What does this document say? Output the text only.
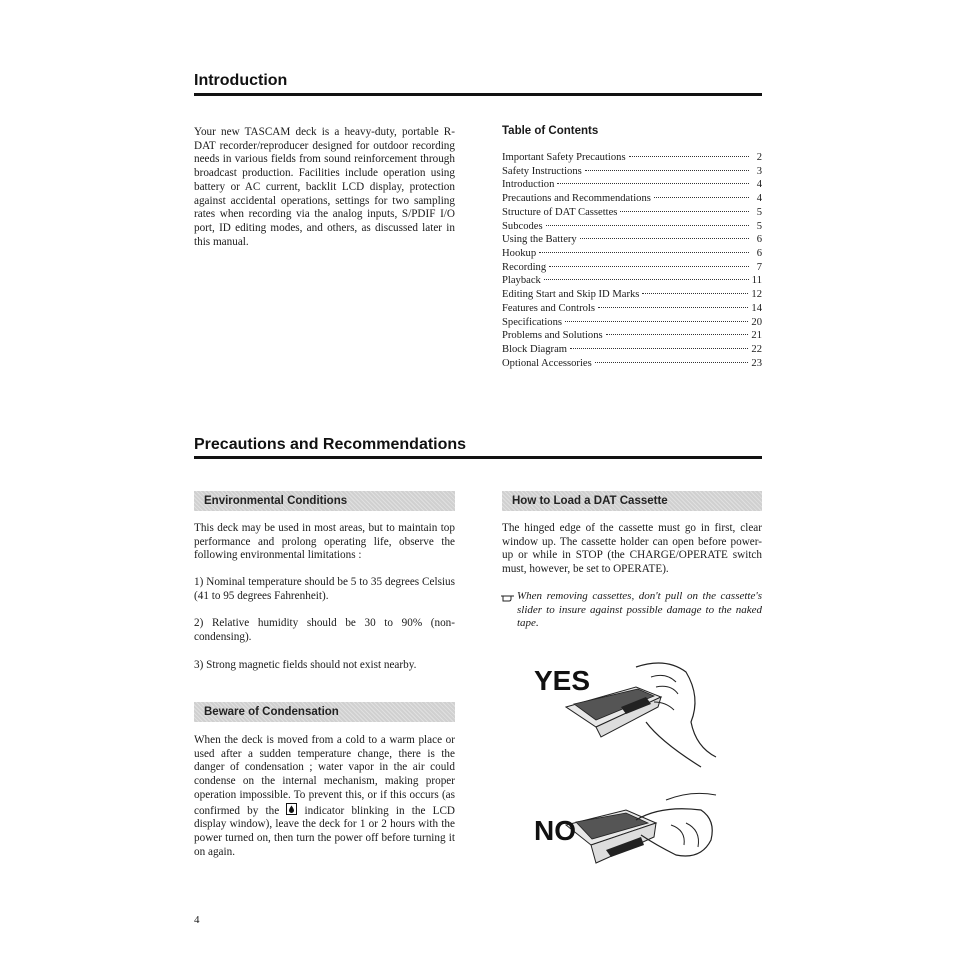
Introduction

Your new TASCAM deck is a heavy-duty, portable R-DAT recorder/reproducer designed for outdoor recording needs in various fields from sound reinforcement through broadcast production. Facilities include operation using battery or AC current, backlit LCD display, protection against accidental operations, settings for two sampling rates when recording via the analog inputs, S/PDIF I/O port, ID editing modes, and others, as discussed later in this manual.

Table of Contents
Important Safety Precautions	2
Safety Instructions	3
Introduction	4
Precautions and Recommendations	4
Structure of DAT Cassettes	5
Subcodes	5
Using the Battery	6
Hookup	6
Recording	7
Playback	11
Editing Start and Skip ID Marks	12
Features and Controls	14
Specifications	20
Problems and Solutions	21
Block Diagram	22
Optional Accessories	23
Precautions and Recommendations
Environmental Conditions

This deck may be used in most areas, but to maintain top performance and prolong operating life, observe the following environmental limitations :

1) Nominal temperature should be 5 to 35 degrees Celsius (41 to 95 degrees Fahrenheit).
2) Relative humidity should be 30 to 90% (non-condensing).
3) Strong magnetic fields should not exist nearby.
Beware of Condensation

When the deck is moved from a cold to a warm place or used after a sudden temperature change, there is the danger of condensation ; water vapor in the air could condense on the internal mechanism, making proper operation impossible. To prevent this, or if this occurs (as confirmed by the indicator blinking in the LCD display window), leave the deck for 1 or 2 hours with the power turned on, then turn the power off before turning it on again.

How to Load a DAT Cassette

The hinged edge of the cassette must go in first, clear window up. The cassette holder can open before power-up or while in STOP (the CHARGE/OPERATE switch must, however, be set to OPERATE).

When removing cassettes, don't pull on the cassette's slider to insure against possible damage to the naked tape.

YES
NO
4
